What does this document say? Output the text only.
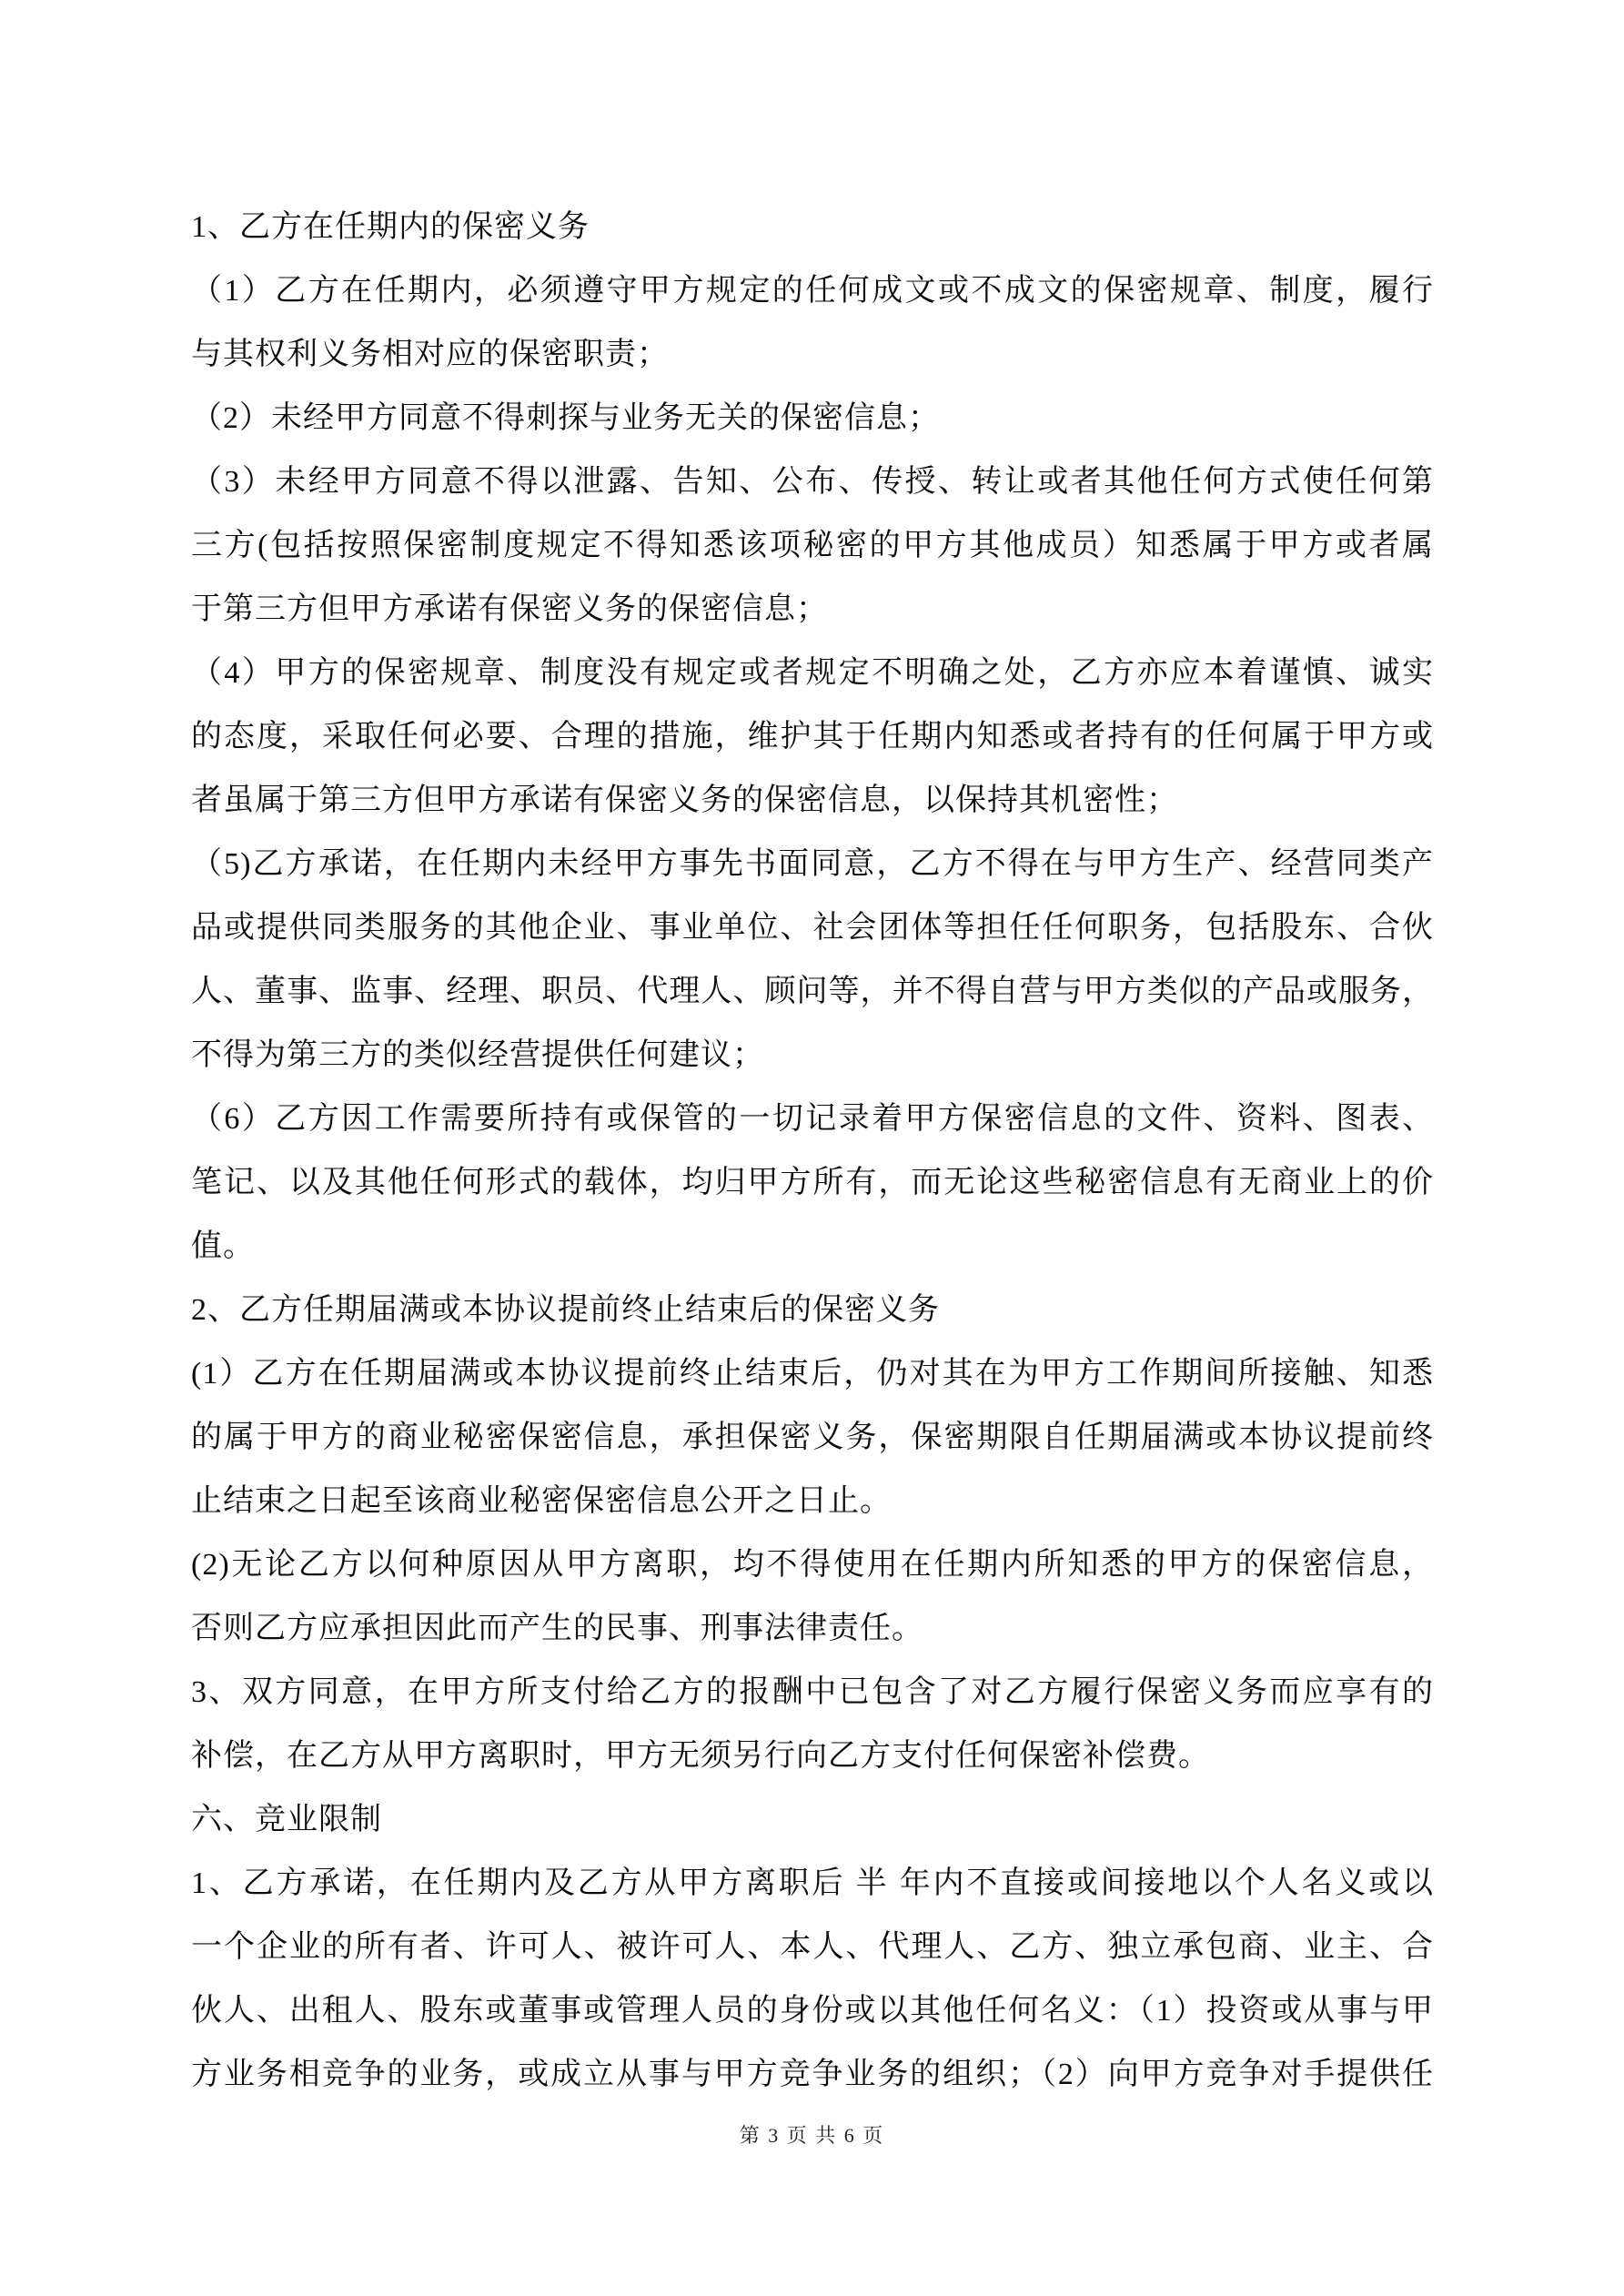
1、乙方在任期内的保密义务
（1）乙方在任期内，必须遵守甲方规定的任何成文或不成文的保密规章、制度，履行
与其权利义务相对应的保密职责；
（2）未经甲方同意不得刺探与业务无关的保密信息；
（3）未经甲方同意不得以泄露、告知、公布、传授、转让或者其他任何方式使任何第
三方(包括按照保密制度规定不得知悉该项秘密的甲方其他成员）知悉属于甲方或者属
于第三方但甲方承诺有保密义务的保密信息；
（4）甲方的保密规章、制度没有规定或者规定不明确之处，乙方亦应本着谨慎、诚实
的态度，采取任何必要、合理的措施，维护其于任期内知悉或者持有的任何属于甲方或
者虽属于第三方但甲方承诺有保密义务的保密信息，以保持其机密性；
（5)乙方承诺，在任期内未经甲方事先书面同意，乙方不得在与甲方生产、经营同类产
品或提供同类服务的其他企业、事业单位、社会团体等担任任何职务，包括股东、合伙
人、董事、监事、经理、职员、代理人、顾问等，并不得自营与甲方类似的产品或服务，
不得为第三方的类似经营提供任何建议；
（6）乙方因工作需要所持有或保管的一切记录着甲方保密信息的文件、资料、图表、
笔记、以及其他任何形式的载体，均归甲方所有，而无论这些秘密信息有无商业上的价
值。
2、乙方任期届满或本协议提前终止结束后的保密义务
(1）乙方在任期届满或本协议提前终止结束后，仍对其在为甲方工作期间所接触、知悉
的属于甲方的商业秘密保密信息，承担保密义务，保密期限自任期届满或本协议提前终
止结束之日起至该商业秘密保密信息公开之日止。
(2)无论乙方以何种原因从甲方离职，均不得使用在任期内所知悉的甲方的保密信息，
否则乙方应承担因此而产生的民事、刑事法律责任。
3、双方同意，在甲方所支付给乙方的报酬中已包含了对乙方履行保密义务而应享有的
补偿，在乙方从甲方离职时，甲方无须另行向乙方支付任何保密补偿费。
六、竞业限制
1、乙方承诺，在任期内及乙方从甲方离职后 半 年内不直接或间接地以个人名义或以
一个企业的所有者、许可人、被许可人、本人、代理人、乙方、独立承包商、业主、合
伙人、出租人、股东或董事或管理人员的身份或以其他任何名义：（1）投资或从事与甲
方业务相竞争的业务，或成立从事与甲方竞争业务的组织；（2）向甲方竞争对手提供任
第 3 页 共 6 页
